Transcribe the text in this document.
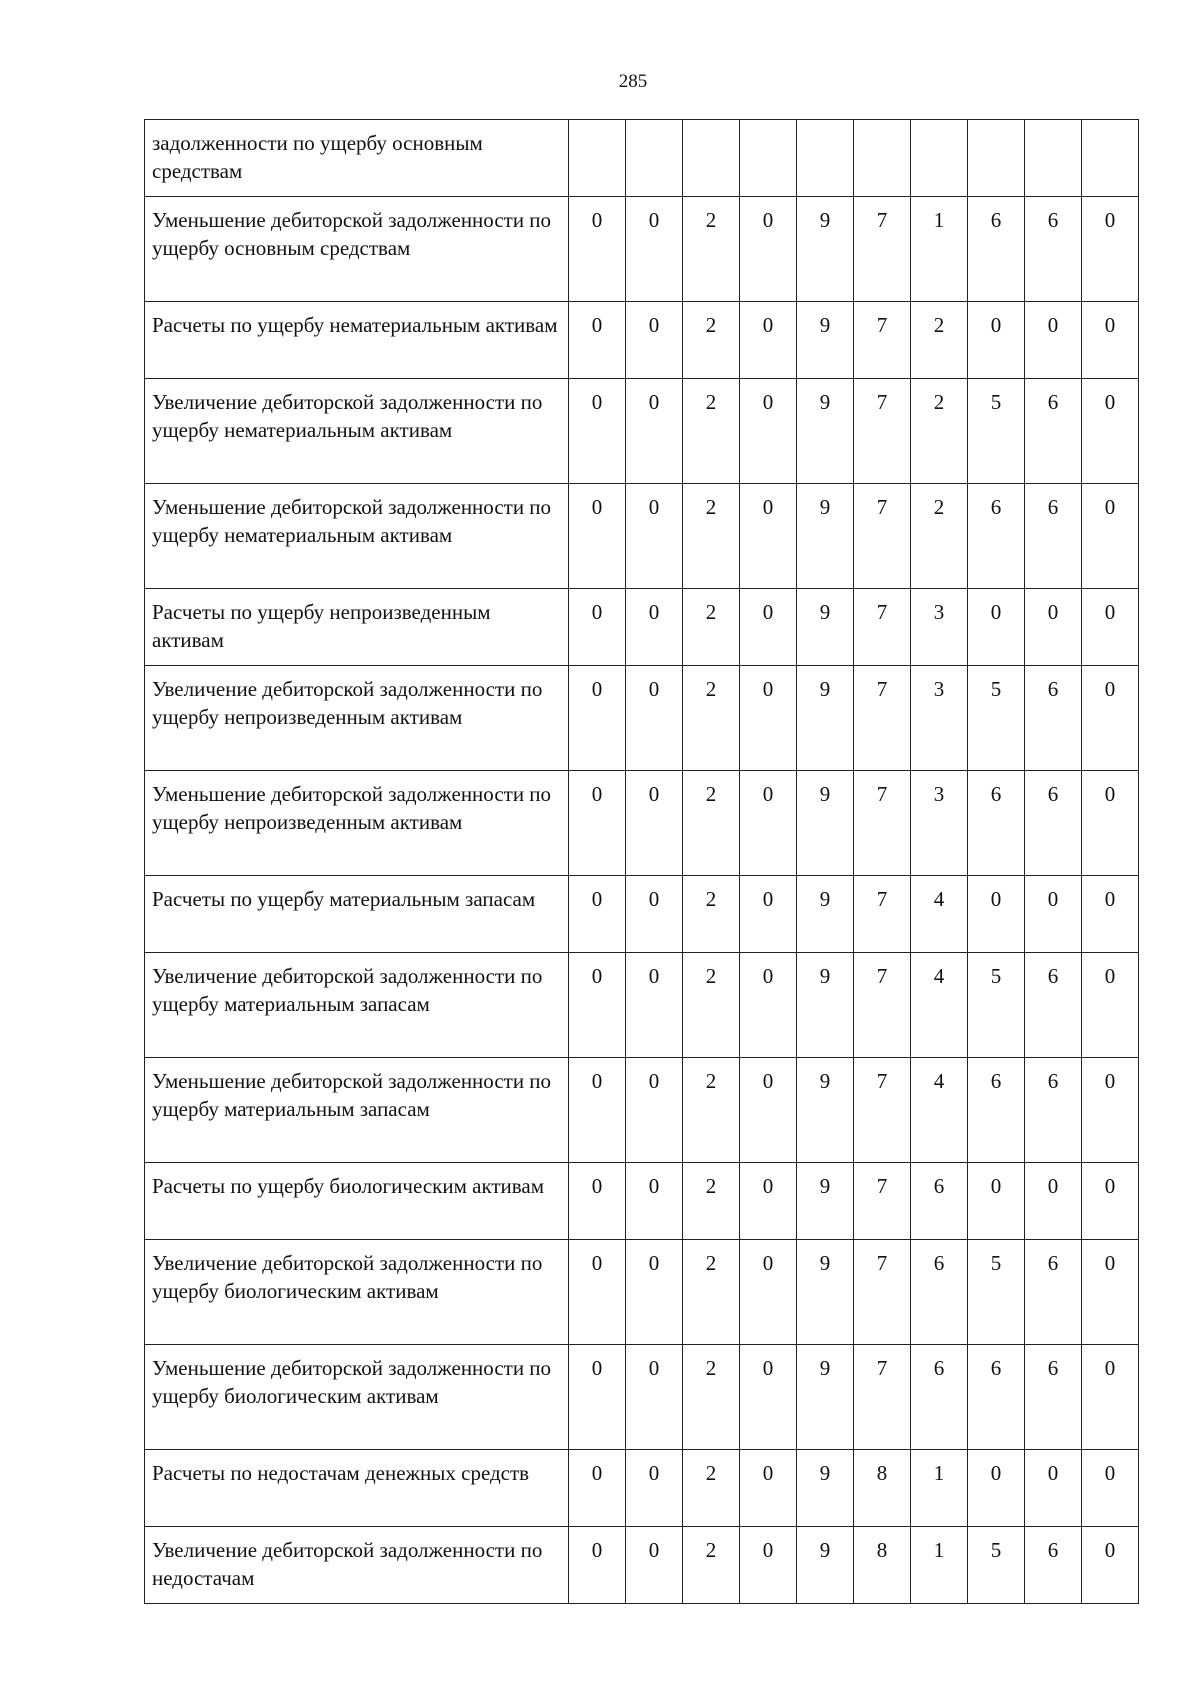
285
задолженности по ущербу основным средствам										
Уменьшение дебиторской задолженности по ущербу основным средствам	0	0	2	0	9	7	1	6	6	0
Расчеты по ущербу нематериальным активам	0	0	2	0	9	7	2	0	0	0
Увеличение дебиторской задолженности по ущербу нематериальным активам	0	0	2	0	9	7	2	5	6	0
Уменьшение дебиторской задолженности по ущербу нематериальным активам	0	0	2	0	9	7	2	6	6	0
Расчеты по ущербу непроизведенным активам	0	0	2	0	9	7	3	0	0	0
Увеличение дебиторской задолженности по ущербу непроизведенным активам	0	0	2	0	9	7	3	5	6	0
Уменьшение дебиторской задолженности по ущербу непроизведенным активам	0	0	2	0	9	7	3	6	6	0
Расчеты по ущербу материальным запасам	0	0	2	0	9	7	4	0	0	0
Увеличение дебиторской задолженности по ущербу материальным запасам	0	0	2	0	9	7	4	5	6	0
Уменьшение дебиторской задолженности по ущербу материальным запасам	0	0	2	0	9	7	4	6	6	0
Расчеты по ущербу биологическим активам	0	0	2	0	9	7	6	0	0	0
Увеличение дебиторской задолженности по ущербу биологическим активам	0	0	2	0	9	7	6	5	6	0
Уменьшение дебиторской задолженности по ущербу биологическим активам	0	0	2	0	9	7	6	6	6	0
Расчеты по недостачам денежных средств	0	0	2	0	9	8	1	0	0	0
Увеличение дебиторской задолженности по недостачам	0	0	2	0	9	8	1	5	6	0
